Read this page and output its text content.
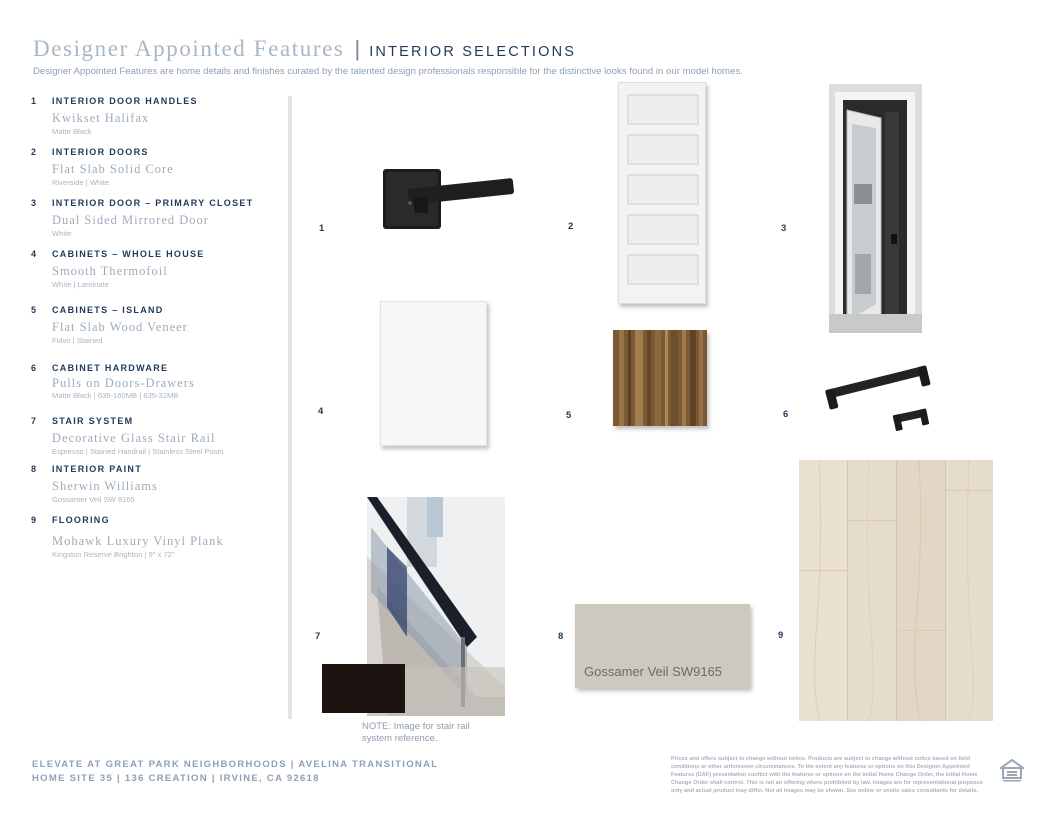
Designer Appointed Features | INTERIOR SELECTIONS
Designer Appointed Features are home details and finishes curated by the talented design professionals responsible for the distinctive looks found in our model homes.
1 INTERIOR DOOR HANDLES
Kwikset Halifax
Matte Black
2 INTERIOR DOORS
Flat Slab Solid Core
Riverside | White
3 INTERIOR DOOR – PRIMARY CLOSET
Dual Sided Mirrored Door
White
4 CABINETS – WHOLE HOUSE
Smooth Thermofoil
White | Laminate
5 CABINETS – ISLAND
Flat Slab Wood Veneer
Fulvo | Stained
6 CABINET HARDWARE
Pulls on Doors-Drawers
Matte Black | 635-160MB | 635-32MB
7 STAIR SYSTEM
Decorative Glass Stair Rail
Espresso | Stained Handrail | Stainless Steel Posts
8 INTERIOR PAINT
Sherwin Williams
Gossamer Veil SW 9165
9 FLOORING
Mohawk Luxury Vinyl Plank
Kingston Reserve Brighton | 9" x 72"
1	2	3
4	5	6
7	8	9
Gossamer Veil SW9165
NOTE: Image for stair rail system reference.
ELEVATE AT GREAT PARK NEIGHBORHOODS | AVELINA TRANSITIONAL
HOME SITE 35 | 136 CREATION | IRVINE, CA 92618
Prices and offers subject to change without notice. Products are subject to change without notice based on field conditions or other unforeseen circumstances. To the extent any features or options on this Designer Appointed Features (DAF) presentation conflict with the features or options on the initial Home Change Order, the initial Home Change Order shall control. This is not an offering where prohibited by law. Images are for representational purposes only and actual product may differ. Not all images may be shown. See online or onsite sales consultants for details.
